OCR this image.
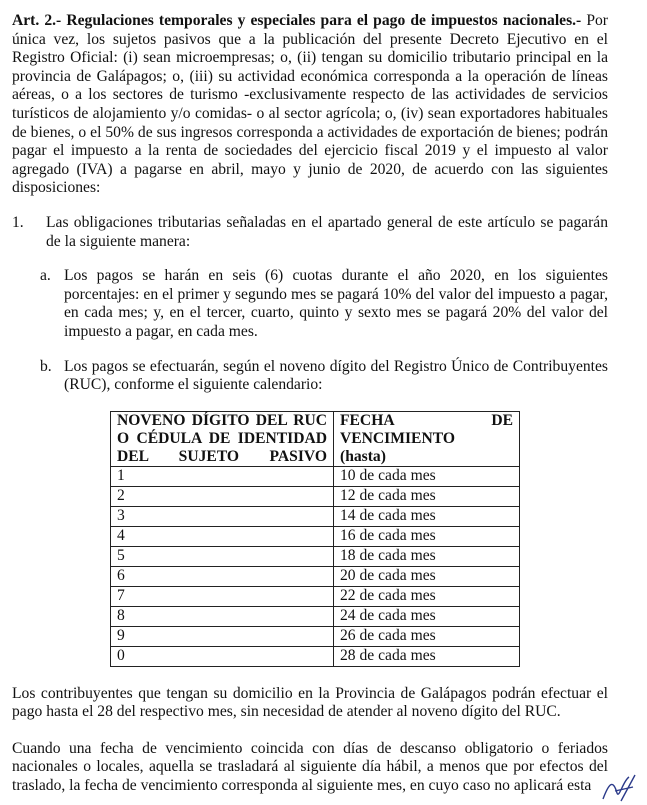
Art. 2.- Regulaciones temporales y especiales para el pago de impuestos nacionales.- Por única vez, los sujetos pasivos que a la publicación del presente Decreto Ejecutivo en el Registro Oficial: (i) sean microempresas; o, (ii) tengan su domicilio tributario principal en la provincia de Galápagos; o, (iii) su actividad económica corresponda a la operación de líneas aéreas, o a los sectores de turismo -exclusivamente respecto de las actividades de servicios turísticos de alojamiento y/o comidas- o al sector agrícola; o, (iv) sean exportadores habituales de bienes, o el 50% de sus ingresos corresponda a actividades de exportación de bienes; podrán pagar el impuesto a la renta de sociedades del ejercicio fiscal 2019 y el impuesto al valor agregado (IVA) a pagarse en abril, mayo y junio de 2020, de acuerdo con las siguientes disposiciones:

1. Las obligaciones tributarias señaladas en el apartado general de este artículo se pagarán de la siguiente manera:
a. Los pagos se harán en seis (6) cuotas durante el año 2020, en los siguientes porcentajes: en el primer y segundo mes se pagará 10% del valor del impuesto a pagar, en cada mes; y, en el tercer, cuarto, quinto y sexto mes se pagará 20% del valor del impuesto a pagar, en cada mes.
b. Los pagos se efectuarán, según el noveno dígito del Registro Único de Contribuyentes (RUC), conforme el siguiente calendario:
NOVENO DÍGITO DEL RUC O CÉDULA DE IDENTIDAD DEL SUJETO PASIVO	FECHA DE
VENCIMIENTO
(hasta)

1	10 de cada mes
2	12 de cada mes
3	14 de cada mes
4	16 de cada mes
5	18 de cada mes
6	20 de cada mes
7	22 de cada mes
8	24 de cada mes
9	26 de cada mes
0	28 de cada mes

Los contribuyentes que tengan su domicilio en la Provincia de Galápagos podrán efectuar el pago hasta el 28 del respectivo mes, sin necesidad de atender al noveno dígito del RUC.

Cuando una fecha de vencimiento coincida con días de descanso obligatorio o feriados nacionales o locales, aquella se trasladará al siguiente día hábil, a menos que por efectos del traslado, la fecha de vencimiento corresponda al siguiente mes, en cuyo caso no aplicará esta
